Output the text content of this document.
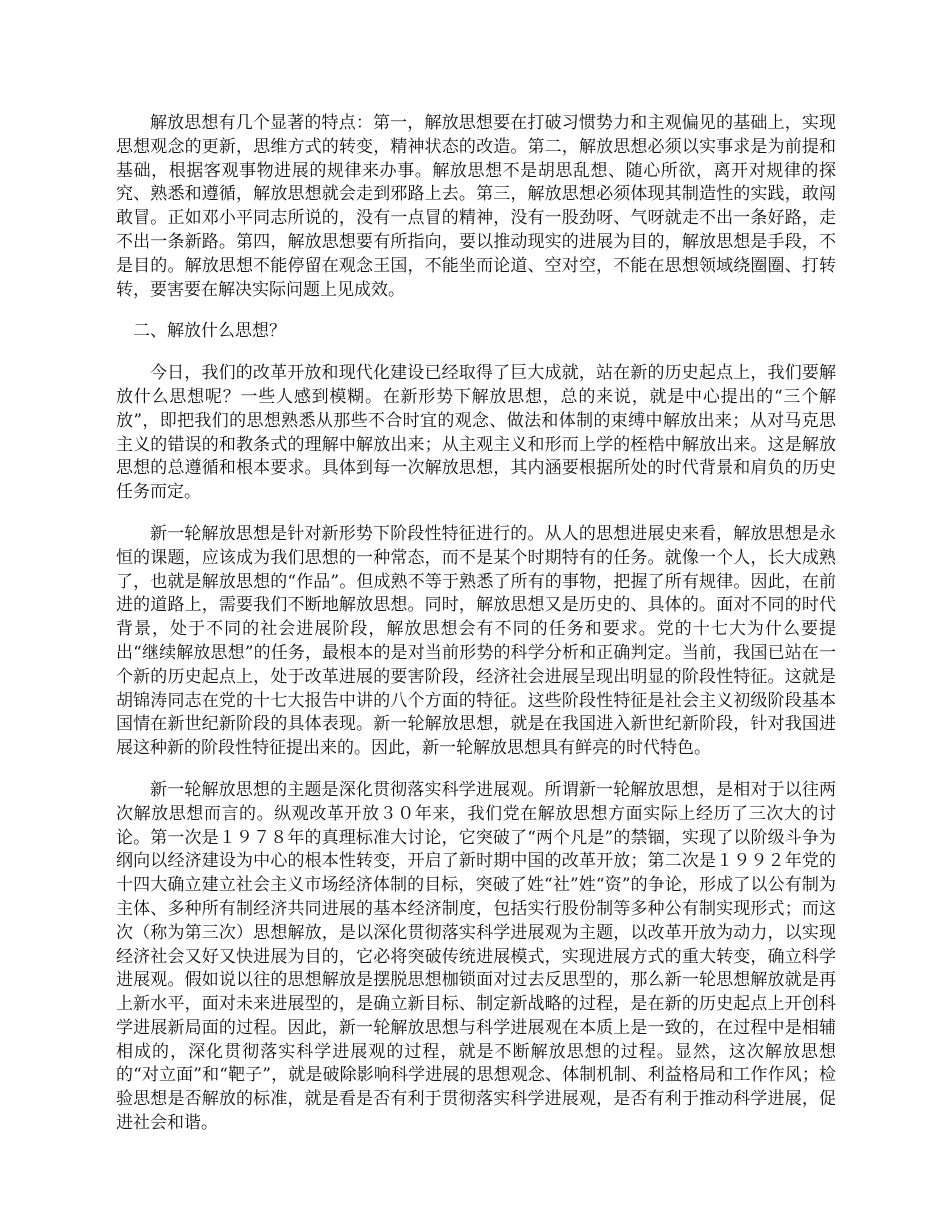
解放思想有几个显著的特点：第一，解放思想要在打破习惯势力和主观偏见的基础上，实现思想观念的更新，思维方式的转变，精神状态的改造。第二，解放思想必须以实事求是为前提和基础，根据客观事物进展的规律来办事。解放思想不是胡思乱想、随心所欲，离开对规律的探究、熟悉和遵循，解放思想就会走到邪路上去。第三，解放思想必须体现其制造性的实践，敢闯敢冒。正如邓小平同志所说的，没有一点冒的精神，没有一股劲呀、气呀就走不出一条好路，走不出一条新路。第四，解放思想要有所指向，要以推动现实的进展为目的，解放思想是手段，不是目的。解放思想不能停留在观念王国，不能坐而论道、空对空，不能在思想领域绕圈圈、打转转，要害要在解决实际问题上见成效。

二、解放什么思想？

今日，我们的改革开放和现代化建设已经取得了巨大成就，站在新的历史起点上，我们要解放什么思想呢？一些人感到模糊。在新形势下解放思想，总的来说，就是中心提出的“三个解放”，即把我们的思想熟悉从那些不合时宜的观念、做法和体制的束缚中解放出来；从对马克思主义的错误的和教条式的理解中解放出来；从主观主义和形而上学的桎梏中解放出来。这是解放思想的总遵循和根本要求。具体到每一次解放思想，其内涵要根据所处的时代背景和肩负的历史任务而定。

新一轮解放思想是针对新形势下阶段性特征进行的。从人的思想进展史来看，解放思想是永恒的课题，应该成为我们思想的一种常态，而不是某个时期特有的任务。就像一个人，长大成熟了，也就是解放思想的“作品”。但成熟不等于熟悉了所有的事物，把握了所有规律。因此，在前进的道路上，需要我们不断地解放思想。同时，解放思想又是历史的、具体的。面对不同的时代背景，处于不同的社会进展阶段，解放思想会有不同的任务和要求。党的十七大为什么要提出“继续解放思想”的任务，最根本的是对当前形势的科学分析和正确判定。当前，我国已站在一个新的历史起点上，处于改革进展的要害阶段，经济社会进展呈现出明显的阶段性特征。这就是胡锦涛同志在党的十七大报告中讲的八个方面的特征。这些阶段性特征是社会主义初级阶段基本国情在新世纪新阶段的具体表现。新一轮解放思想，就是在我国进入新世纪新阶段，针对我国进展这种新的阶段性特征提出来的。因此，新一轮解放思想具有鲜亮的时代特色。

新一轮解放思想的主题是深化贯彻落实科学进展观。所谓新一轮解放思想，是相对于以往两次解放思想而言的。纵观改革开放３０年来，我们党在解放思想方面实际上经历了三次大的讨论。第一次是１９７８年的真理标准大讨论，它突破了“两个凡是”的禁锢，实现了以阶级斗争为纲向以经济建设为中心的根本性转变，开启了新时期中国的改革开放；第二次是１９９２年党的十四大确立建立社会主义市场经济体制的目标，突破了姓“社”姓“资”的争论，形成了以公有制为主体、多种所有制经济共同进展的基本经济制度，包括实行股份制等多种公有制实现形式；而这次（称为第三次）思想解放，是以深化贯彻落实科学进展观为主题，以改革开放为动力，以实现经济社会又好又快进展为目的，它必将突破传统进展模式，实现进展方式的重大转变，确立科学进展观。假如说以往的思想解放是摆脱思想枷锁面对过去反思型的，那么新一轮思想解放就是再上新水平，面对未来进展型的，是确立新目标、制定新战略的过程，是在新的历史起点上开创科学进展新局面的过程。因此，新一轮解放思想与科学进展观在本质上是一致的，在过程中是相辅相成的，深化贯彻落实科学进展观的过程，就是不断解放思想的过程。显然，这次解放思想的“对立面”和“靶子”，就是破除影响科学进展的思想观念、体制机制、利益格局和工作作风；检验思想是否解放的标准，就是看是否有利于贯彻落实科学进展观，是否有利于推动科学进展，促进社会和谐。
